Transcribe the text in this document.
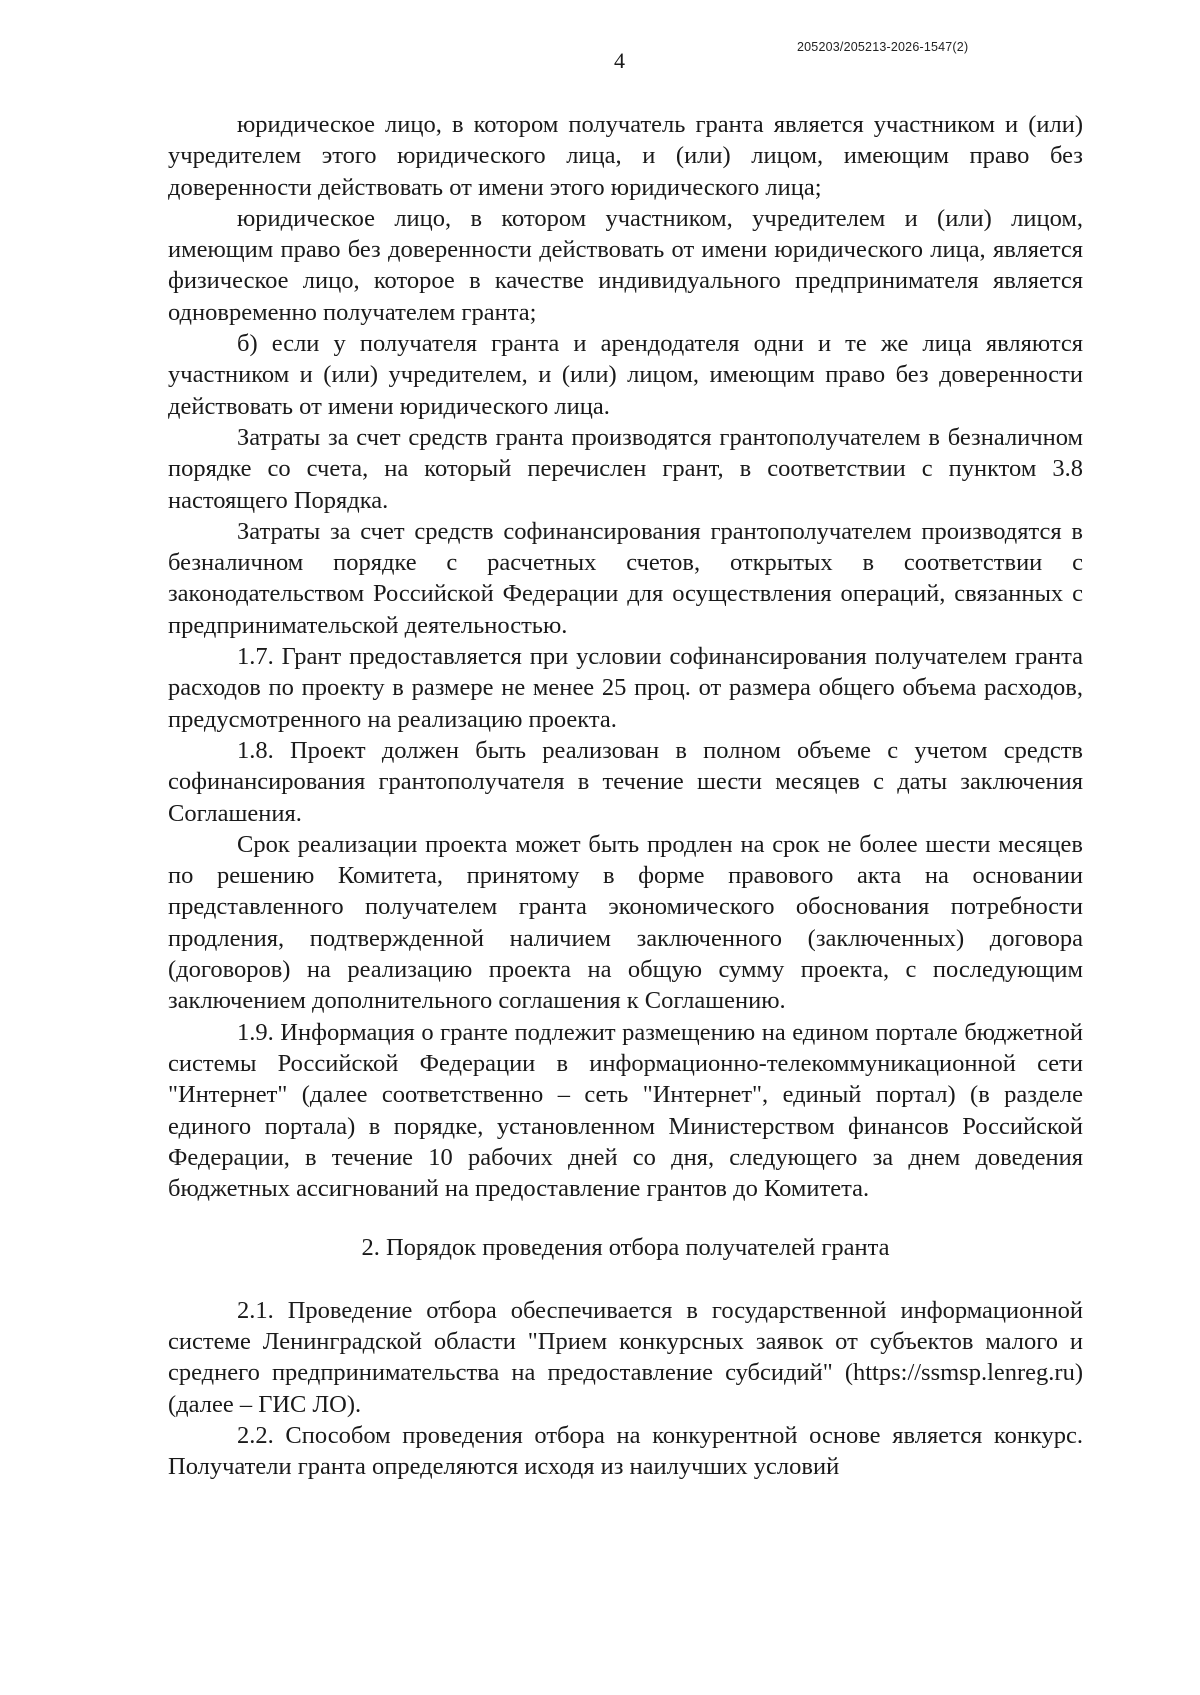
205203/205213-2026-1547(2)
4

юридическое лицо, в котором получатель гранта является участником и (или) учредителем этого юридического лица, и (или) лицом, имеющим право без доверенности действовать от имени этого юридического лица;

юридическое лицо, в котором участником, учредителем и (или) лицом, имеющим право без доверенности действовать от имени юридического лица, является физическое лицо, которое в качестве индивидуального предпринимателя является одновременно получателем гранта;

б) если у получателя гранта и арендодателя одни и те же лица являются участником и (или) учредителем, и (или) лицом, имеющим право без доверенности действовать от имени юридического лица.

Затраты за счет средств гранта производятся грантополучателем в безналичном порядке со счета, на который перечислен грант, в соответствии с пунктом 3.8 настоящего Порядка.

Затраты за счет средств софинансирования грантополучателем производятся в безналичном порядке с расчетных счетов, открытых в соответствии с законодательством Российской Федерации для осуществления операций, связанных с предпринимательской деятельностью.

1.7. Грант предоставляется при условии софинансирования получателем гранта расходов по проекту в размере не менее 25 проц. от размера общего объема расходов, предусмотренного на реализацию проекта.

1.8. Проект должен быть реализован в полном объеме с учетом средств софинансирования грантополучателя в течение шести месяцев с даты заключения Соглашения.

Срок реализации проекта может быть продлен на срок не более шести месяцев по решению Комитета, принятому в форме правового акта на основании представленного получателем гранта экономического обоснования потребности продления, подтвержденной наличием заключенного (заключенных) договора (договоров) на реализацию проекта на общую сумму проекта, с последующим заключением дополнительного соглашения к Соглашению.

1.9. Информация о гранте подлежит размещению на едином портале бюджетной системы Российской Федерации в информационно-телекоммуникационной сети "Интернет" (далее соответственно – сеть "Интернет", единый портал) (в разделе единого портала) в порядке, установленном Министерством финансов Российской Федерации, в течение 10 рабочих дней со дня, следующего за днем доведения бюджетных ассигнований на предоставление грантов до Комитета.

2. Порядок проведения отбора получателей гранта

2.1. Проведение отбора обеспечивается в государственной информационной системе Ленинградской области "Прием конкурсных заявок от субъектов малого и среднего предпринимательства на предоставление субсидий" (https://ssmsp.lenreg.ru) (далее – ГИС ЛО).

2.2. Способом проведения отбора на конкурентной основе является конкурс. Получатели гранта определяются исходя из наилучших условий
